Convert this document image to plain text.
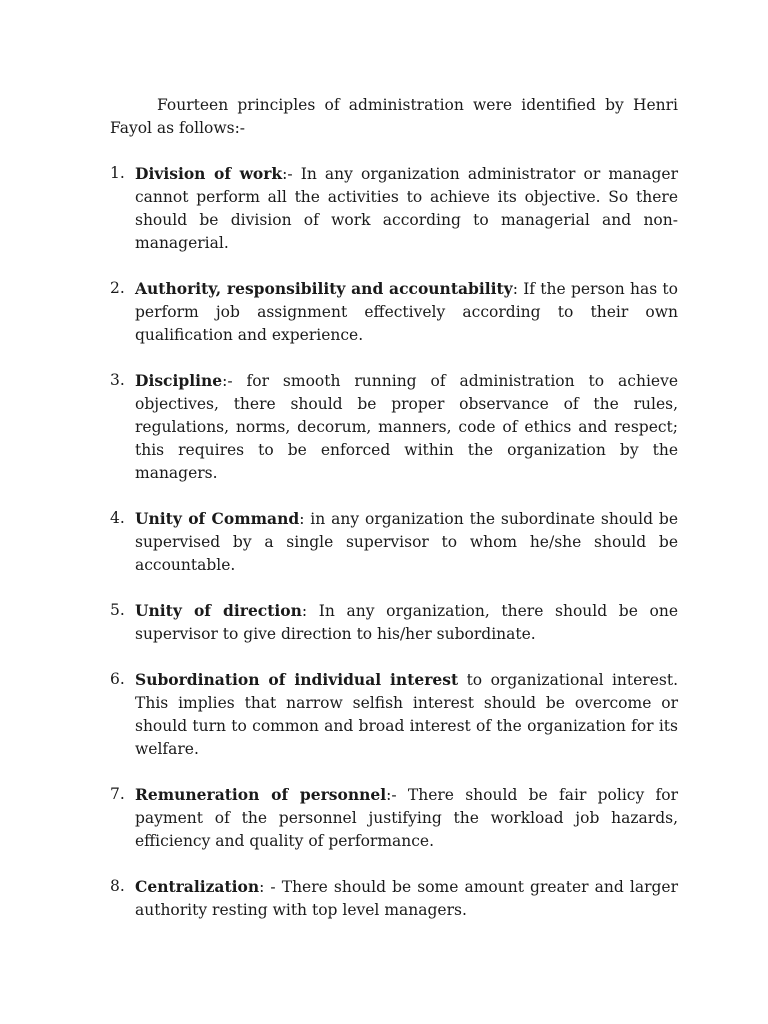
Fourteen principles of administration were identified by Henri Fayol as follows:-

1. Division of work:- In any organization administrator or manager cannot perform all the activities to achieve its objective. So there should be division of work according to managerial and non-managerial.
2. Authority, responsibility and accountability: If the person has to perform job assignment effectively according to their own qualification and experience.
3. Discipline:- for smooth running of administration to achieve objectives, there should be proper observance of the rules, regulations, norms, decorum, manners, code of ethics and respect; this requires to be enforced within the organization by the managers.
4. Unity of Command: in any organization the subordinate should be supervised by a single supervisor to whom he/she should be accountable.
5. Unity of direction: In any organization, there should be one supervisor to give direction to his/her subordinate.
6. Subordination of individual interest to organizational interest. This implies that narrow selfish interest should be overcome or should turn to common and broad interest of the organization for its welfare.
7. Remuneration of personnel:- There should be fair policy for payment of the personnel justifying the workload job hazards, efficiency and quality of performance.
8. Centralization: - There should be some amount greater and larger authority resting with top level managers.
